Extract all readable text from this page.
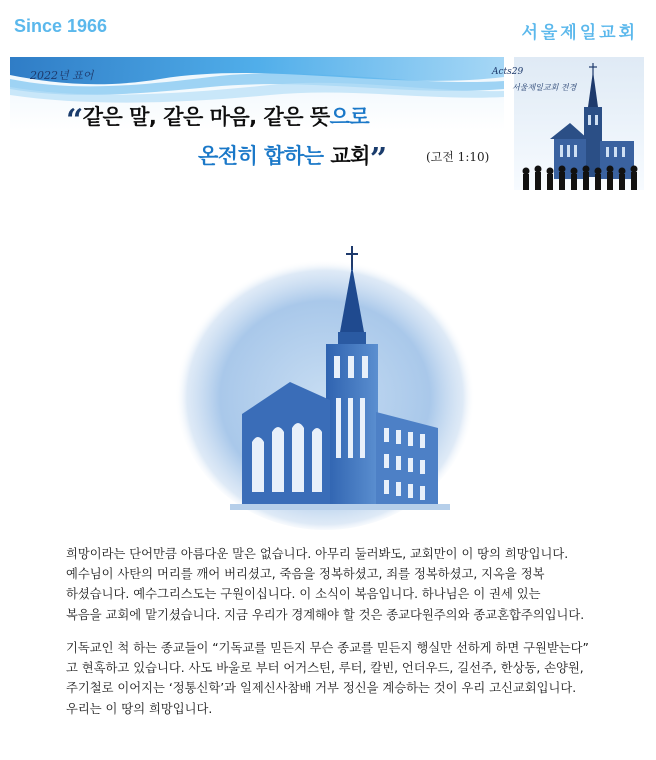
Since 1966	서울제일교회
2022년 표어
“같은 말, 같은 마음, 같은 뜻으로
온전히 합하는 교회”	(고전 1:10)
Acts29
서울제일교회 전경

희망이라는 단어만큼 아름다운 말은 없습니다. 아무리 둘러봐도, 교회만이 이 땅의 희망입니다.

예수님이 사탄의 머리를 깨어 버리셨고, 죽음을 정복하셨고, 죄를 정복하셨고, 지옥을 정복

하셨습니다. 예수그리스도는 구원이십니다. 이 소식이 복음입니다. 하나님은 이 권세 있는

복음을 교회에 맡기셨습니다. 지금 우리가 경계해야 할 것은 종교다원주의와 종교혼합주의입니다.

기독교인 척 하는 종교들이 “기독교를 믿든지 무슨 종교를 믿든지 행실만 선하게 하면 구원받는다”

고 현혹하고 있습니다. 사도 바울로 부터 어거스틴, 루터, 칼빈, 언더우드, 길선주, 한상동, 손양원,

주기철로 이어지는 ‘정통신학’과 일제신사참배 거부 정신을 계승하는 것이 우리 고신교회입니다.

우리는 이 땅의 희망입니다.
